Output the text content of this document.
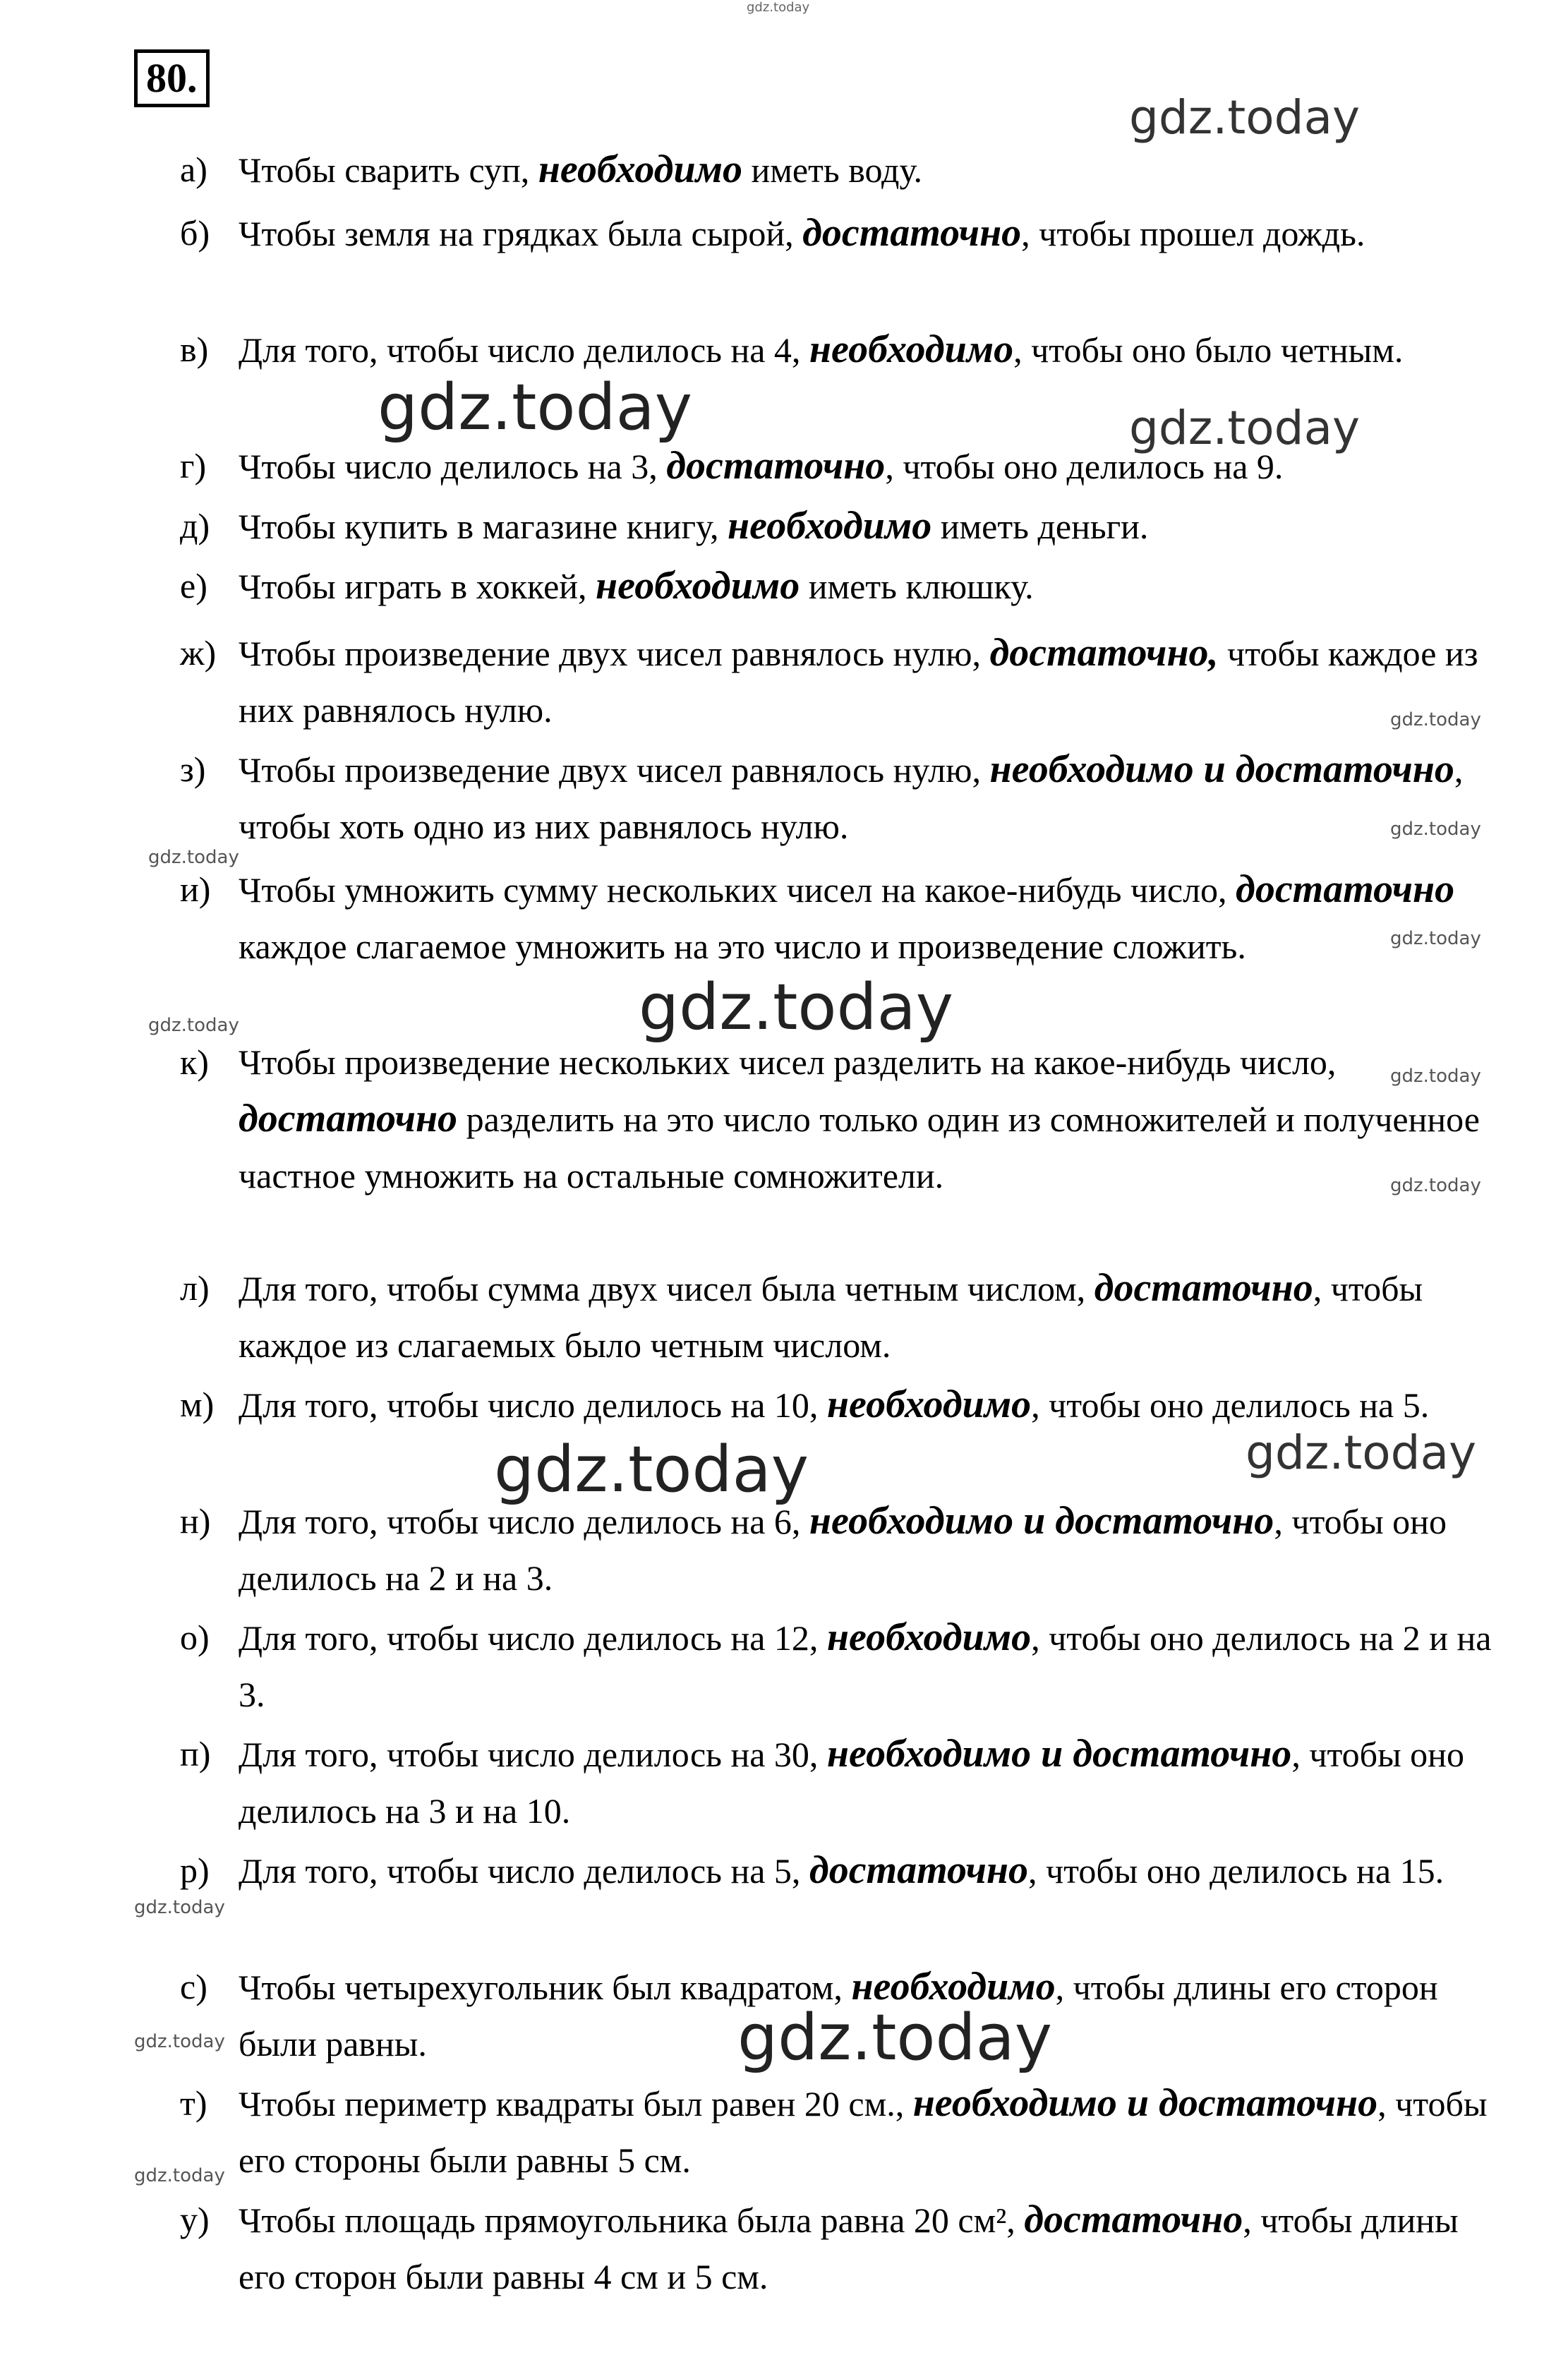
80.
а) Чтобы сварить суп, необходимо иметь воду.
б) Чтобы земля на грядках была сырой, достаточно, чтобы прошел дождь.
в) Для того, чтобы число делилось на 4, необходимо, чтобы оно было четным.
г) Чтобы число делилось на 3, достаточно, чтобы оно делилось на 9.
д) Чтобы купить в магазине книгу, необходимо иметь деньги.
е) Чтобы играть в хоккей, необходимо иметь клюшку.
ж) Чтобы произведение двух чисел равнялось нулю, достаточно, чтобы каждое из них равнялось нулю.
з) Чтобы произведение двух чисел равнялось нулю, необходимо и достаточно, чтобы хоть одно из них равнялось нулю.
и) Чтобы умножить сумму нескольких чисел на какое-нибудь число, достаточно каждое слагаемое умножить на это число и произведение сложить.
к) Чтобы произведение нескольких чисел разделить на какое-нибудь число, достаточно разделить на это число только один из сомножителей и полученное частное умножить на остальные сомножители.
л) Для того, чтобы сумма двух чисел была четным числом, достаточно, чтобы каждое из слагаемых было четным числом.
м) Для того, чтобы число делилось на 10, необходимо, чтобы оно делилось на 5.
н) Для того, чтобы число делилось на 6, необходимо и достаточно, чтобы оно делилось на 2 и на 3.
о) Для того, чтобы число делилось на 12, необходимо, чтобы оно делилось на 2 и на 3.
п) Для того, чтобы число делилось на 30, необходимо и достаточно, чтобы оно делилось на 3 и на 10.
р) Для того, чтобы число делилось на 5, достаточно, чтобы оно делилось на 15.
с) Чтобы четырехугольник был квадратом, необходимо, чтобы длины его сторон были равны.
т) Чтобы периметр квадраты был равен 20 см., необходимо и достаточно, чтобы его стороны были равны 5 см.
у) Чтобы площадь прямоугольника была равна 20 см², достаточно, чтобы длины его сторон были равны 4 см и 5 см.
gdz.today
gdz.today
gdz.today	gdz.today
gdz.today
gdz.today
gdz.today
gdz.today
gdz.today
gdz.today
gdz.today
gdz.today
gdz.today	gdz.today
gdz.today
gdz.today	gdz.today
gdz.today
